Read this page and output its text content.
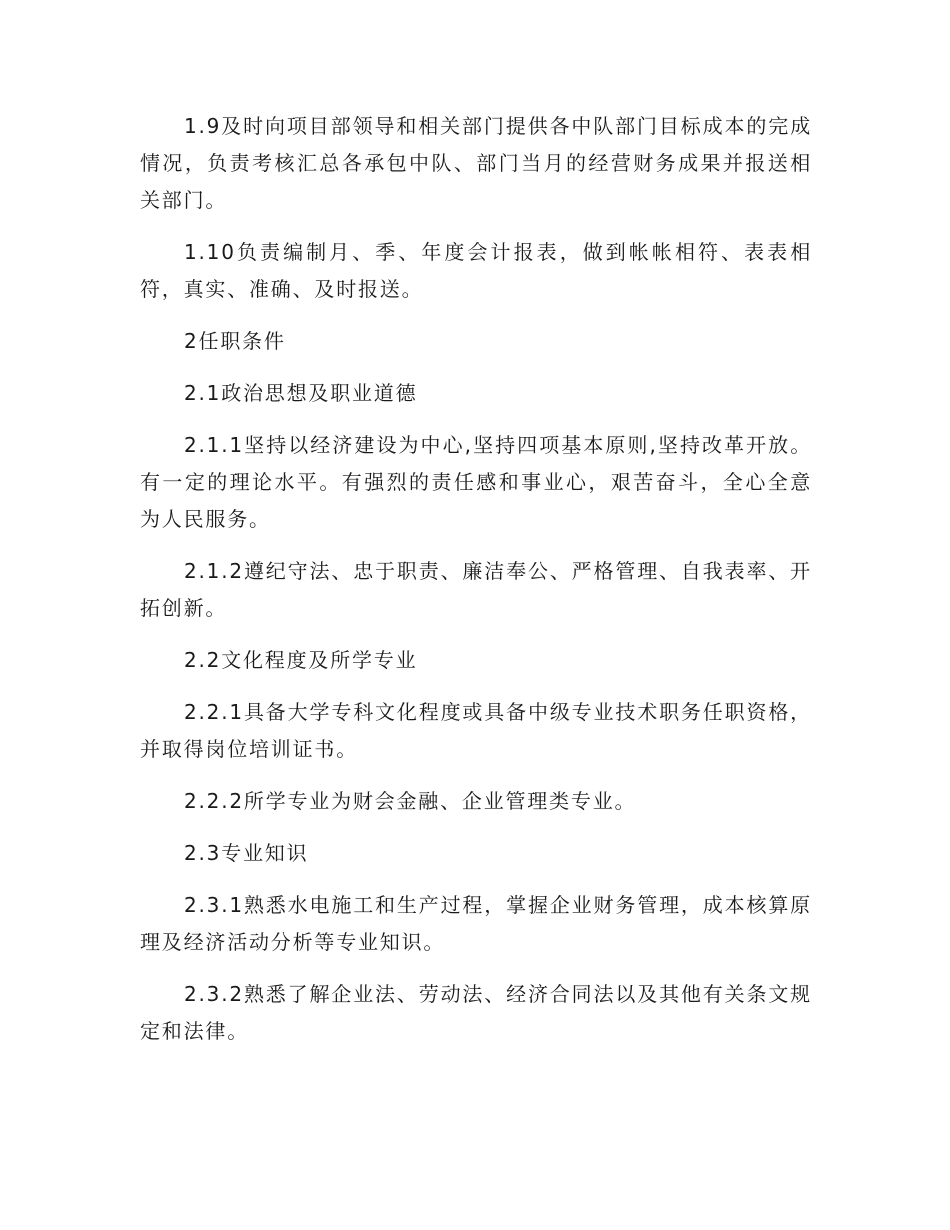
1.9及时向项目部领导和相关部门提供各中队部门目标成本的完成情况，负责考核汇总各承包中队、部门当月的经营财务成果并报送相关部门。

1.10负责编制月、季、年度会计报表，做到帐帐相符、表表相符，真实、准确、及时报送。

2任职条件

2.1政治思想及职业道德

2.1.1坚持以经济建设为中心,坚持四项基本原则,坚持改革开放。有一定的理论水平。有强烈的责任感和事业心，艰苦奋斗，全心全意为人民服务。

2.1.2遵纪守法、忠于职责、廉洁奉公、严格管理、自我表率、开拓创新。

2.2文化程度及所学专业

2.2.1具备大学专科文化程度或具备中级专业技术职务任职资格，并取得岗位培训证书。

2.2.2所学专业为财会金融、企业管理类专业。

2.3专业知识

2.3.1熟悉水电施工和生产过程，掌握企业财务管理，成本核算原理及经济活动分析等专业知识。

2.3.2熟悉了解企业法、劳动法、经济合同法以及其他有关条文规定和法律。
